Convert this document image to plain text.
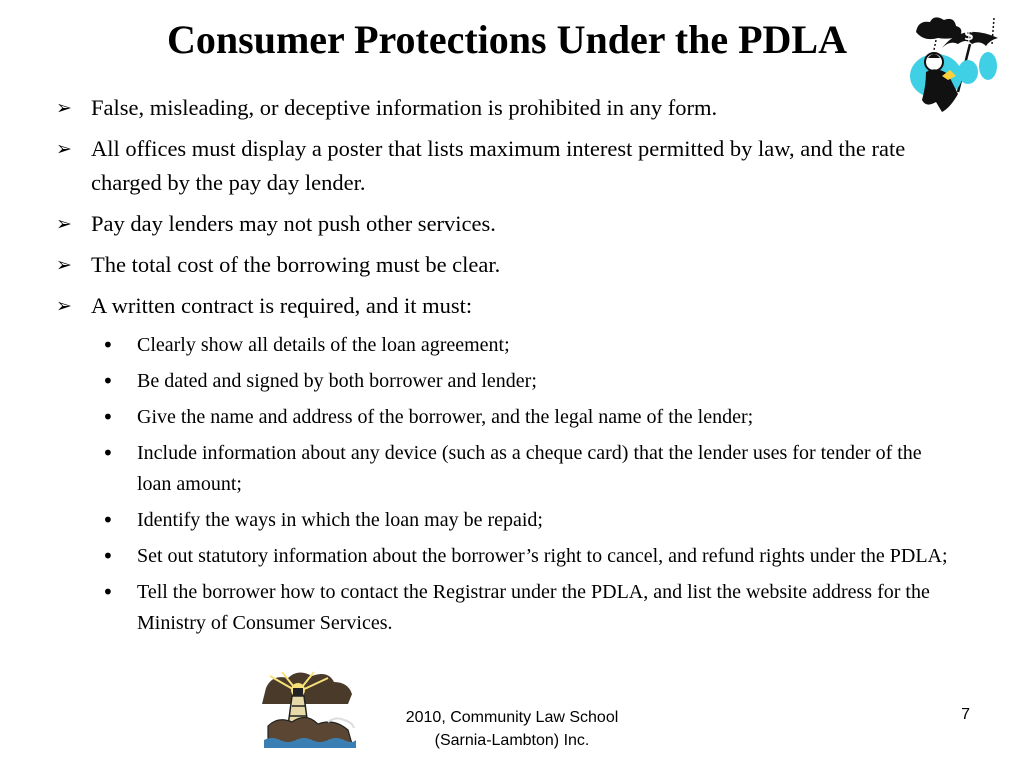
Consumer Protections Under the PDLA	$
➢ False, misleading, or deceptive information is prohibited in any form.
➢ All offices must display a poster that lists maximum interest permitted by law, and the rate charged by the pay day lender.
➢ Pay day lenders may not push other services.
➢ The total cost of the borrowing must be clear.
➢ A written contract is required, and it must:
• Clearly show all details of the loan agreement;
• Be dated and signed by both borrower and lender;
• Give the name and address of the borrower, and the legal name of the lender;
• Include information about any device (such as a cheque card) that the lender uses for tender of the loan amount;
• Identify the ways in which the loan may be repaid;
• Set out statutory information about the borrower’s right to cancel, and refund rights under the PDLA;
• Tell the borrower how to contact the Registrar under the PDLA, and list the website address for the Ministry of Consumer Services.
2010, Community Law School
(Sarnia-Lambton) Inc.
7
